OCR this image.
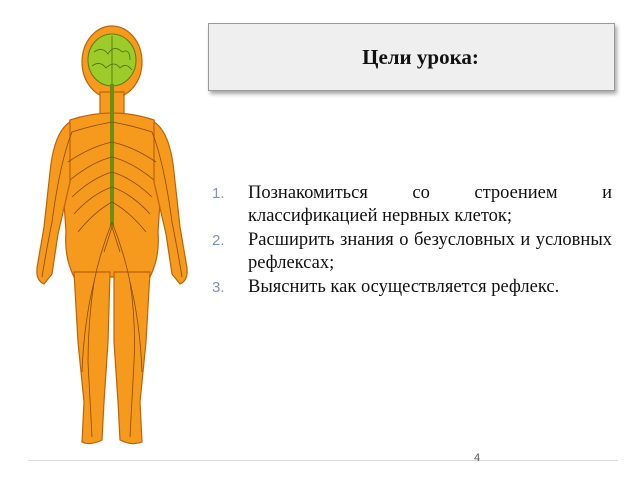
Цели урока:
1.	Познакомиться со строением и классификацией нервных клеток;
2.	Расширить знания о безусловных и условных рефлексах;
3.	Выяснить как осуществляется рефлекс.
4
